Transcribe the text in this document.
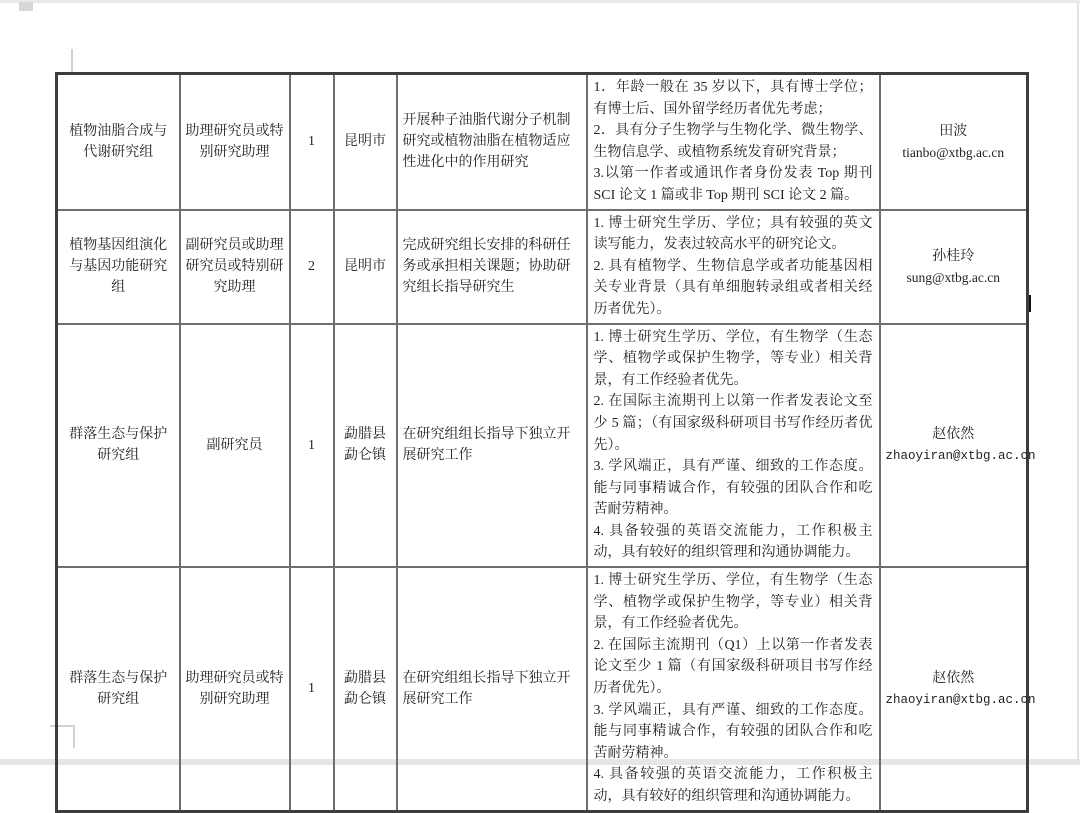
植物油脂合成与代谢研究组	助理研究员或特别研究助理	1	昆明市	开展种子油脂代谢分子机制研究或植物油脂在植物适应性进化中的作用研究	
1．年龄一般在 35 岁以下，具有博士学位；有博士后、国外留学经历者优先考虑；
2．具有分子生物学与生物化学、微生物学、生物信息学、或植物系统发育研究背景；
3.以第一作者或通讯作者身份发表 Top 期刊 SCI 论文 1 篇或非 Top 期刊 SCI 论文 2 篇。

田波
tianbo@xtbg.ac.cn

植物基因组演化与基因功能研究组	副研究员或助理研究员或特别研究助理	2	昆明市	完成研究组长安排的科研任务或承担相关课题；协助研究组长指导研究生	
1. 博士研究生学历、学位；具有较强的英文读写能力，发表过较高水平的研究论文。
2. 具有植物学、生物信息学或者功能基因相关专业背景（具有单细胞转录组或者相关经历者优先）。

孙桂玲
sung@xtbg.ac.cn

群落生态与保护研究组	副研究员	1	勐腊县勐仑镇	在研究组组长指导下独立开展研究工作	
1. 博士研究生学历、学位，有生物学（生态学、植物学或保护生物学，等专业）相关背景，有工作经验者优先。
2. 在国际主流期刊上以第一作者发表论文至少 5 篇；（有国家级科研项目书写作经历者优先）。
3. 学风端正，具有严谨、细致的工作态度。能与同事精诚合作，有较强的团队合作和吃苦耐劳精神。
4. 具备较强的英语交流能力，工作积极主动，具有较好的组织管理和沟通协调能力。

赵依然
zhaoyiran@xtbg.ac.cn

群落生态与保护研究组	助理研究员或特别研究助理	1	勐腊县勐仑镇	在研究组组长指导下独立开展研究工作	
1. 博士研究生学历、学位，有生物学（生态学、植物学或保护生物学，等专业）相关背景，有工作经验者优先。
2. 在国际主流期刊（Q1）上以第一作者发表论文至少 1 篇（有国家级科研项目书写作经历者优先）。
3. 学风端正，具有严谨、细致的工作态度。能与同事精诚合作，有较强的团队合作和吃苦耐劳精神。
4. 具备较强的英语交流能力，工作积极主动，具有较好的组织管理和沟通协调能力。

赵依然
zhaoyiran@xtbg.ac.cn
